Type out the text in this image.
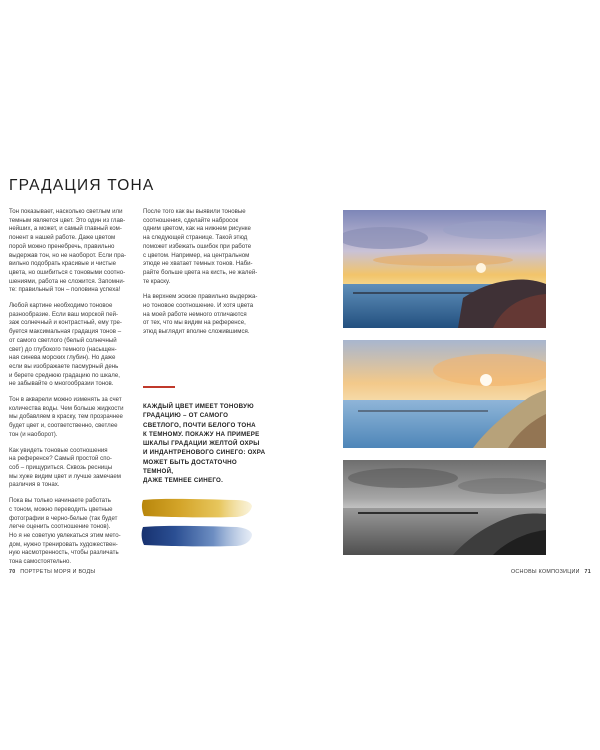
ГРАДАЦИЯ ТОНА

Тон показывает, насколько светлым или
темным является цвет. Это один из глав-
нейших, а может, и самый главный ком-
понент в нашей работе. Даже цветом
порой можно пренебречь, правильно
выдержав тон, но не наоборот. Если пра-
вильно подобрать красивые и чистые
цвета, но ошибиться с тоновыми соотно-
шениями, работа не сложится. Запомни-
те: правильный тон – половина успеха!

Любой картине необходимо тоновое
разнообразие. Если ваш морской пей-
заж солнечный и контрастный, ему тре-
буется максимальная градация тонов –
от самого светлого (белый солнечный
свет) до глубокого темного (насыщен-
ная синева морских глубин). Но даже
если вы изображаете пасмурный день
и берете среднюю градацию по шкале,
не забывайте о многообразии тонов.

Тон в акварели можно изменять за счет
количества воды. Чем больше жидкости
мы добавляем в краску, тем прозрачнее
будет цвет и, соответственно, светлее
тон (и наоборот).

Как увидеть тоновые соотношения
на референсе? Самый простой спо-
соб – прищуриться. Сквозь ресницы
мы хуже видим цвет и лучше замечаем
различия в тонах.

Пока вы только начинаете работать
с тоном, можно переводить цветные
фотографии в черно-белые (так будет
легче оценить соотношение тонов).
Но я не советую увлекаться этим мето-
дом, нужно тренировать художествен-
ную насмотренность, чтобы различать
тона самостоятельно.

После того как вы выявили тоновые
соотношения, сделайте набросок
одним цветом, как на нижнем рисунке
на следующей странице. Такой этюд
поможет избежать ошибок при работе
с цветом. Например, на центральном
этюде не хватает темных тонов. Наби-
райте больше цвета на кисть, не жалей-
те краску.

На верхнем эскизе правильно выдержа-
но тоновое соотношение. И хотя цвета
на моей работе немного отличаются
от тех, что мы видим на референсе,
этюд выглядит вполне сложившимся.

КАЖДЫЙ ЦВЕТ ИМЕЕТ ТОНОВУЮ
ГРАДАЦИЮ – ОТ САМОГО
СВЕТЛОГО, ПОЧТИ БЕЛОГО ТОНА
К ТЕМНОМУ. ПОКАЖУ НА ПРИМЕРЕ
ШКАЛЫ ГРАДАЦИИ ЖЕЛТОЙ ОХРЫ
И ИНДАНТРЕНОВОГО СИНЕГО: ОХРА
МОЖЕТ БЫТЬ ДОСТАТОЧНО ТЕМНОЙ,
ДАЖЕ ТЕМНЕЕ СИНЕГО.
70 ПОРТРЕТЫ МОРЯ И ВОДЫ	ОСНОВЫ КОМПОЗИЦИИ 71
